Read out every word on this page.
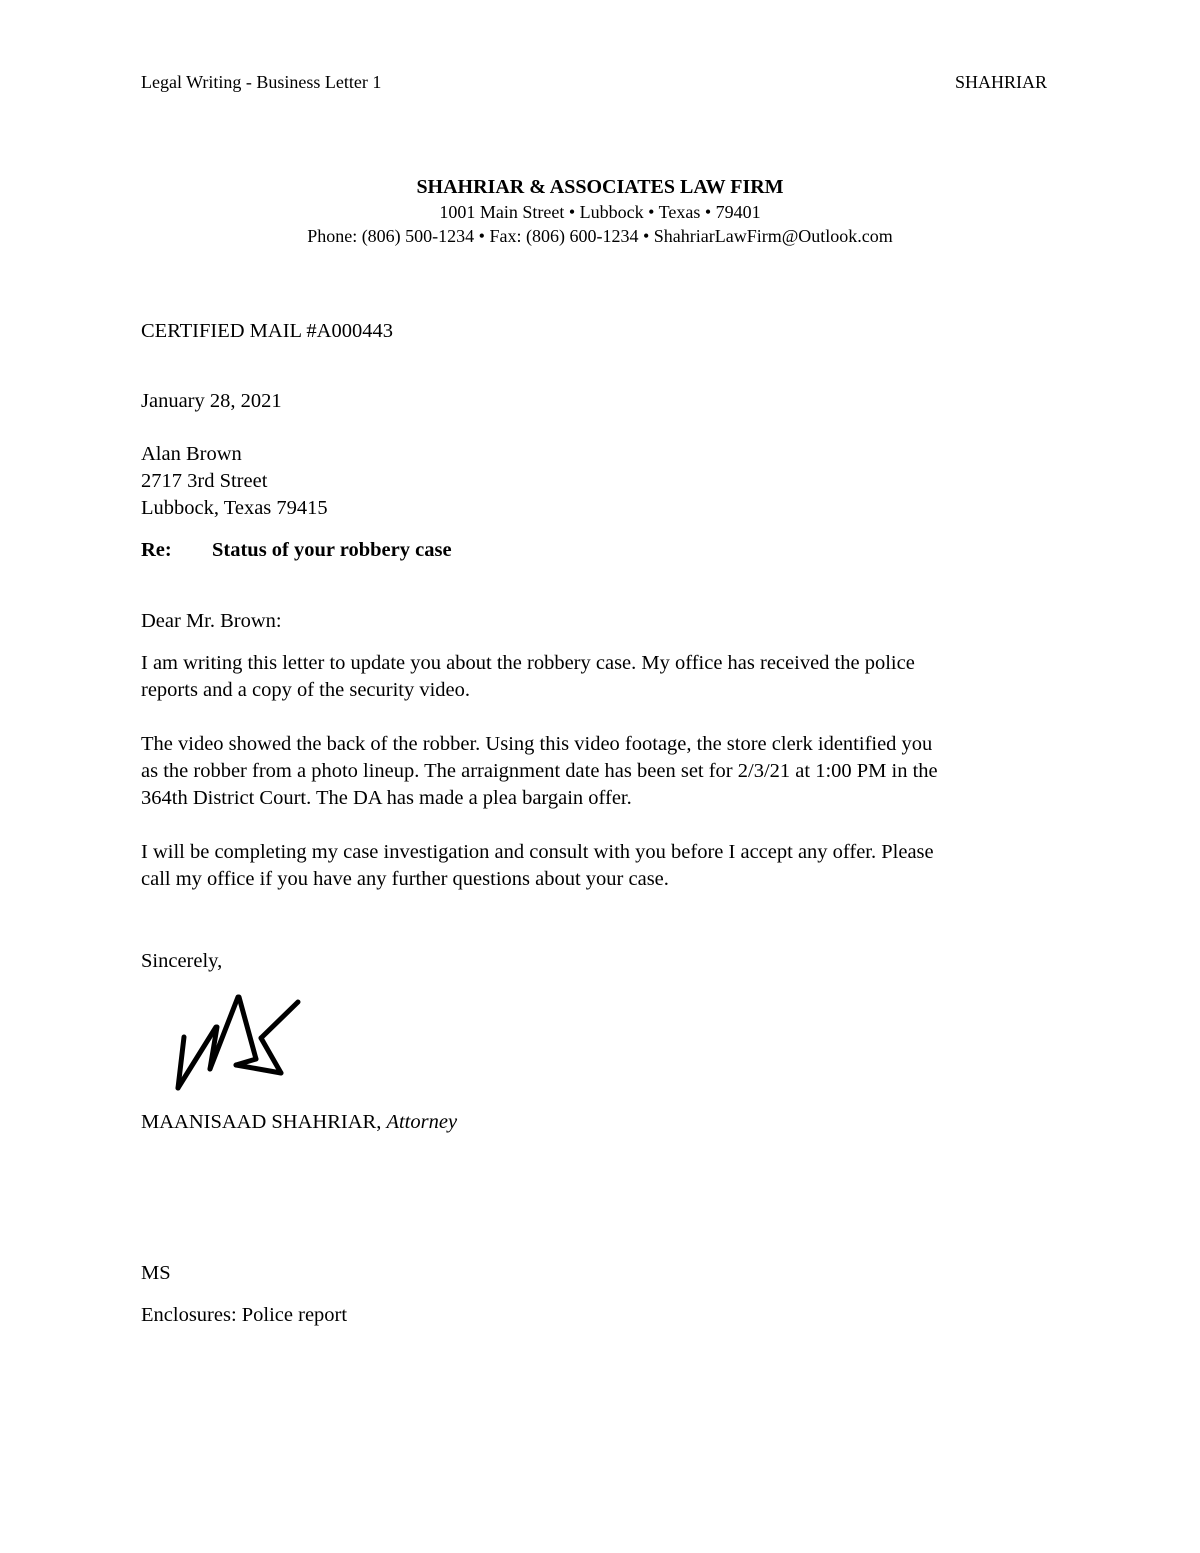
Legal Writing - Business Letter 1	SHAHRIAR
SHAHRIAR & ASSOCIATES LAW FIRM
1001 Main Street • Lubbock • Texas • 79401
Phone: (806) 500-1234 • Fax: (806) 600-1234 • ShahriarLawFirm@Outlook.com
CERTIFIED MAIL #A000443
January 28, 2021
Alan Brown
2717 3rd Street
Lubbock, Texas 79415
Re: Status of your robbery case
Dear Mr. Brown:
I am writing this letter to update you about the robbery case. My office has received the police
reports and a copy of the security video.
The video showed the back of the robber. Using this video footage, the store clerk identified you
as the robber from a photo lineup. The arraignment date has been set for 2/3/21 at 1:00 PM in the
364th District Court. The DA has made a plea bargain offer.
I will be completing my case investigation and consult with you before I accept any offer. Please
call my office if you have any further questions about your case.
Sincerely,
MAANISAAD SHAHRIAR, Attorney
MS
Enclosures: Police report
